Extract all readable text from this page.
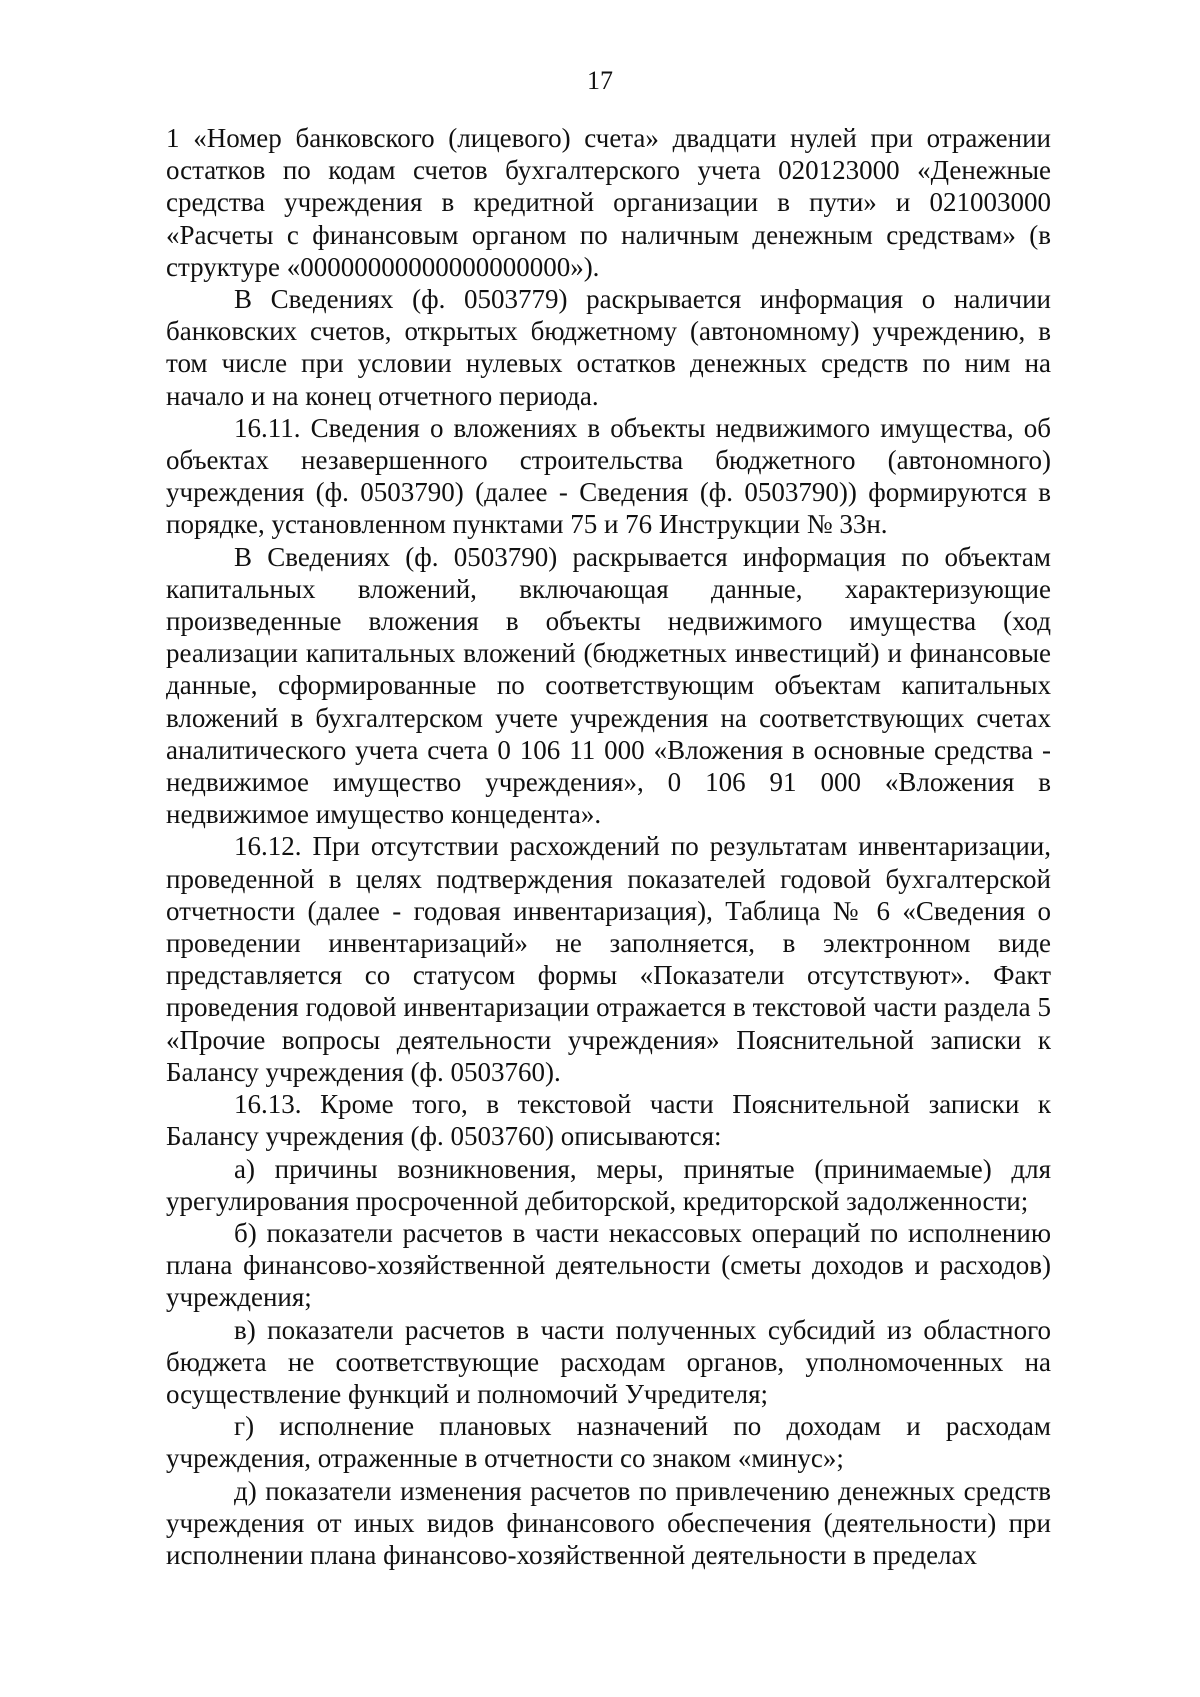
17

1 «Номер банковского (лицевого) счета» двадцати нулей при отражении остатков по кодам счетов бухгалтерского учета 020123000 «Денежные средства учреждения в кредитной организации в пути» и 021003000 «Расчеты с финансовым органом по наличным денежным средствам» (в структуре «00000000000000000000»).

В Сведениях (ф. 0503779) раскрывается информация о наличии банковских счетов, открытых бюджетному (автономному) учреждению, в том числе при условии нулевых остатков денежных средств по ним на начало и на конец отчетного периода.

16.11. Сведения о вложениях в объекты недвижимого имущества, об объектах незавершенного строительства бюджетного (автономного) учреждения (ф. 0503790) (далее - Сведения (ф. 0503790)) формируются в порядке, установленном пунктами 75 и 76 Инструкции № 33н.

В Сведениях (ф. 0503790) раскрывается информация по объектам капитальных вложений, включающая данные, характеризующие произведенные вложения в объекты недвижимого имущества (ход реализации капитальных вложений (бюджетных инвестиций) и финансовые данные, сформированные по соответствующим объектам капитальных вложений в бухгалтерском учете учреждения на соответствующих счетах аналитического учета счета 0 106 11 000 «Вложения в основные средства - недвижимое имущество учреждения», 0 106 91 000 «Вложения в недвижимое имущество концедента».

16.12. При отсутствии расхождений по результатам инвентаризации, проведенной в целях подтверждения показателей годовой бухгалтерской отчетности (далее - годовая инвентаризация), Таблица № 6 «Сведения о проведении инвентаризаций» не заполняется, в электронном виде представляется со статусом формы «Показатели отсутствуют». Факт проведения годовой инвентаризации отражается в текстовой части раздела 5 «Прочие вопросы деятельности учреждения» Пояснительной записки к Балансу учреждения (ф. 0503760).

16.13. Кроме того, в текстовой части Пояснительной записки к Балансу учреждения (ф. 0503760) описываются:

а) причины возникновения, меры, принятые (принимаемые) для урегулирования просроченной дебиторской, кредиторской задолженности;

б) показатели расчетов в части некассовых операций по исполнению плана финансово-хозяйственной деятельности (сметы доходов и расходов) учреждения;

в) показатели расчетов в части полученных субсидий из областного бюджета не соответствующие расходам органов, уполномоченных на осуществление функций и полномочий Учредителя;

г) исполнение плановых назначений по доходам и расходам учреждения, отраженные в отчетности со знаком «минус»;

д) показатели изменения расчетов по привлечению денежных средств учреждения от иных видов финансового обеспечения (деятельности) при исполнении плана финансово-хозяйственной деятельности в пределах
